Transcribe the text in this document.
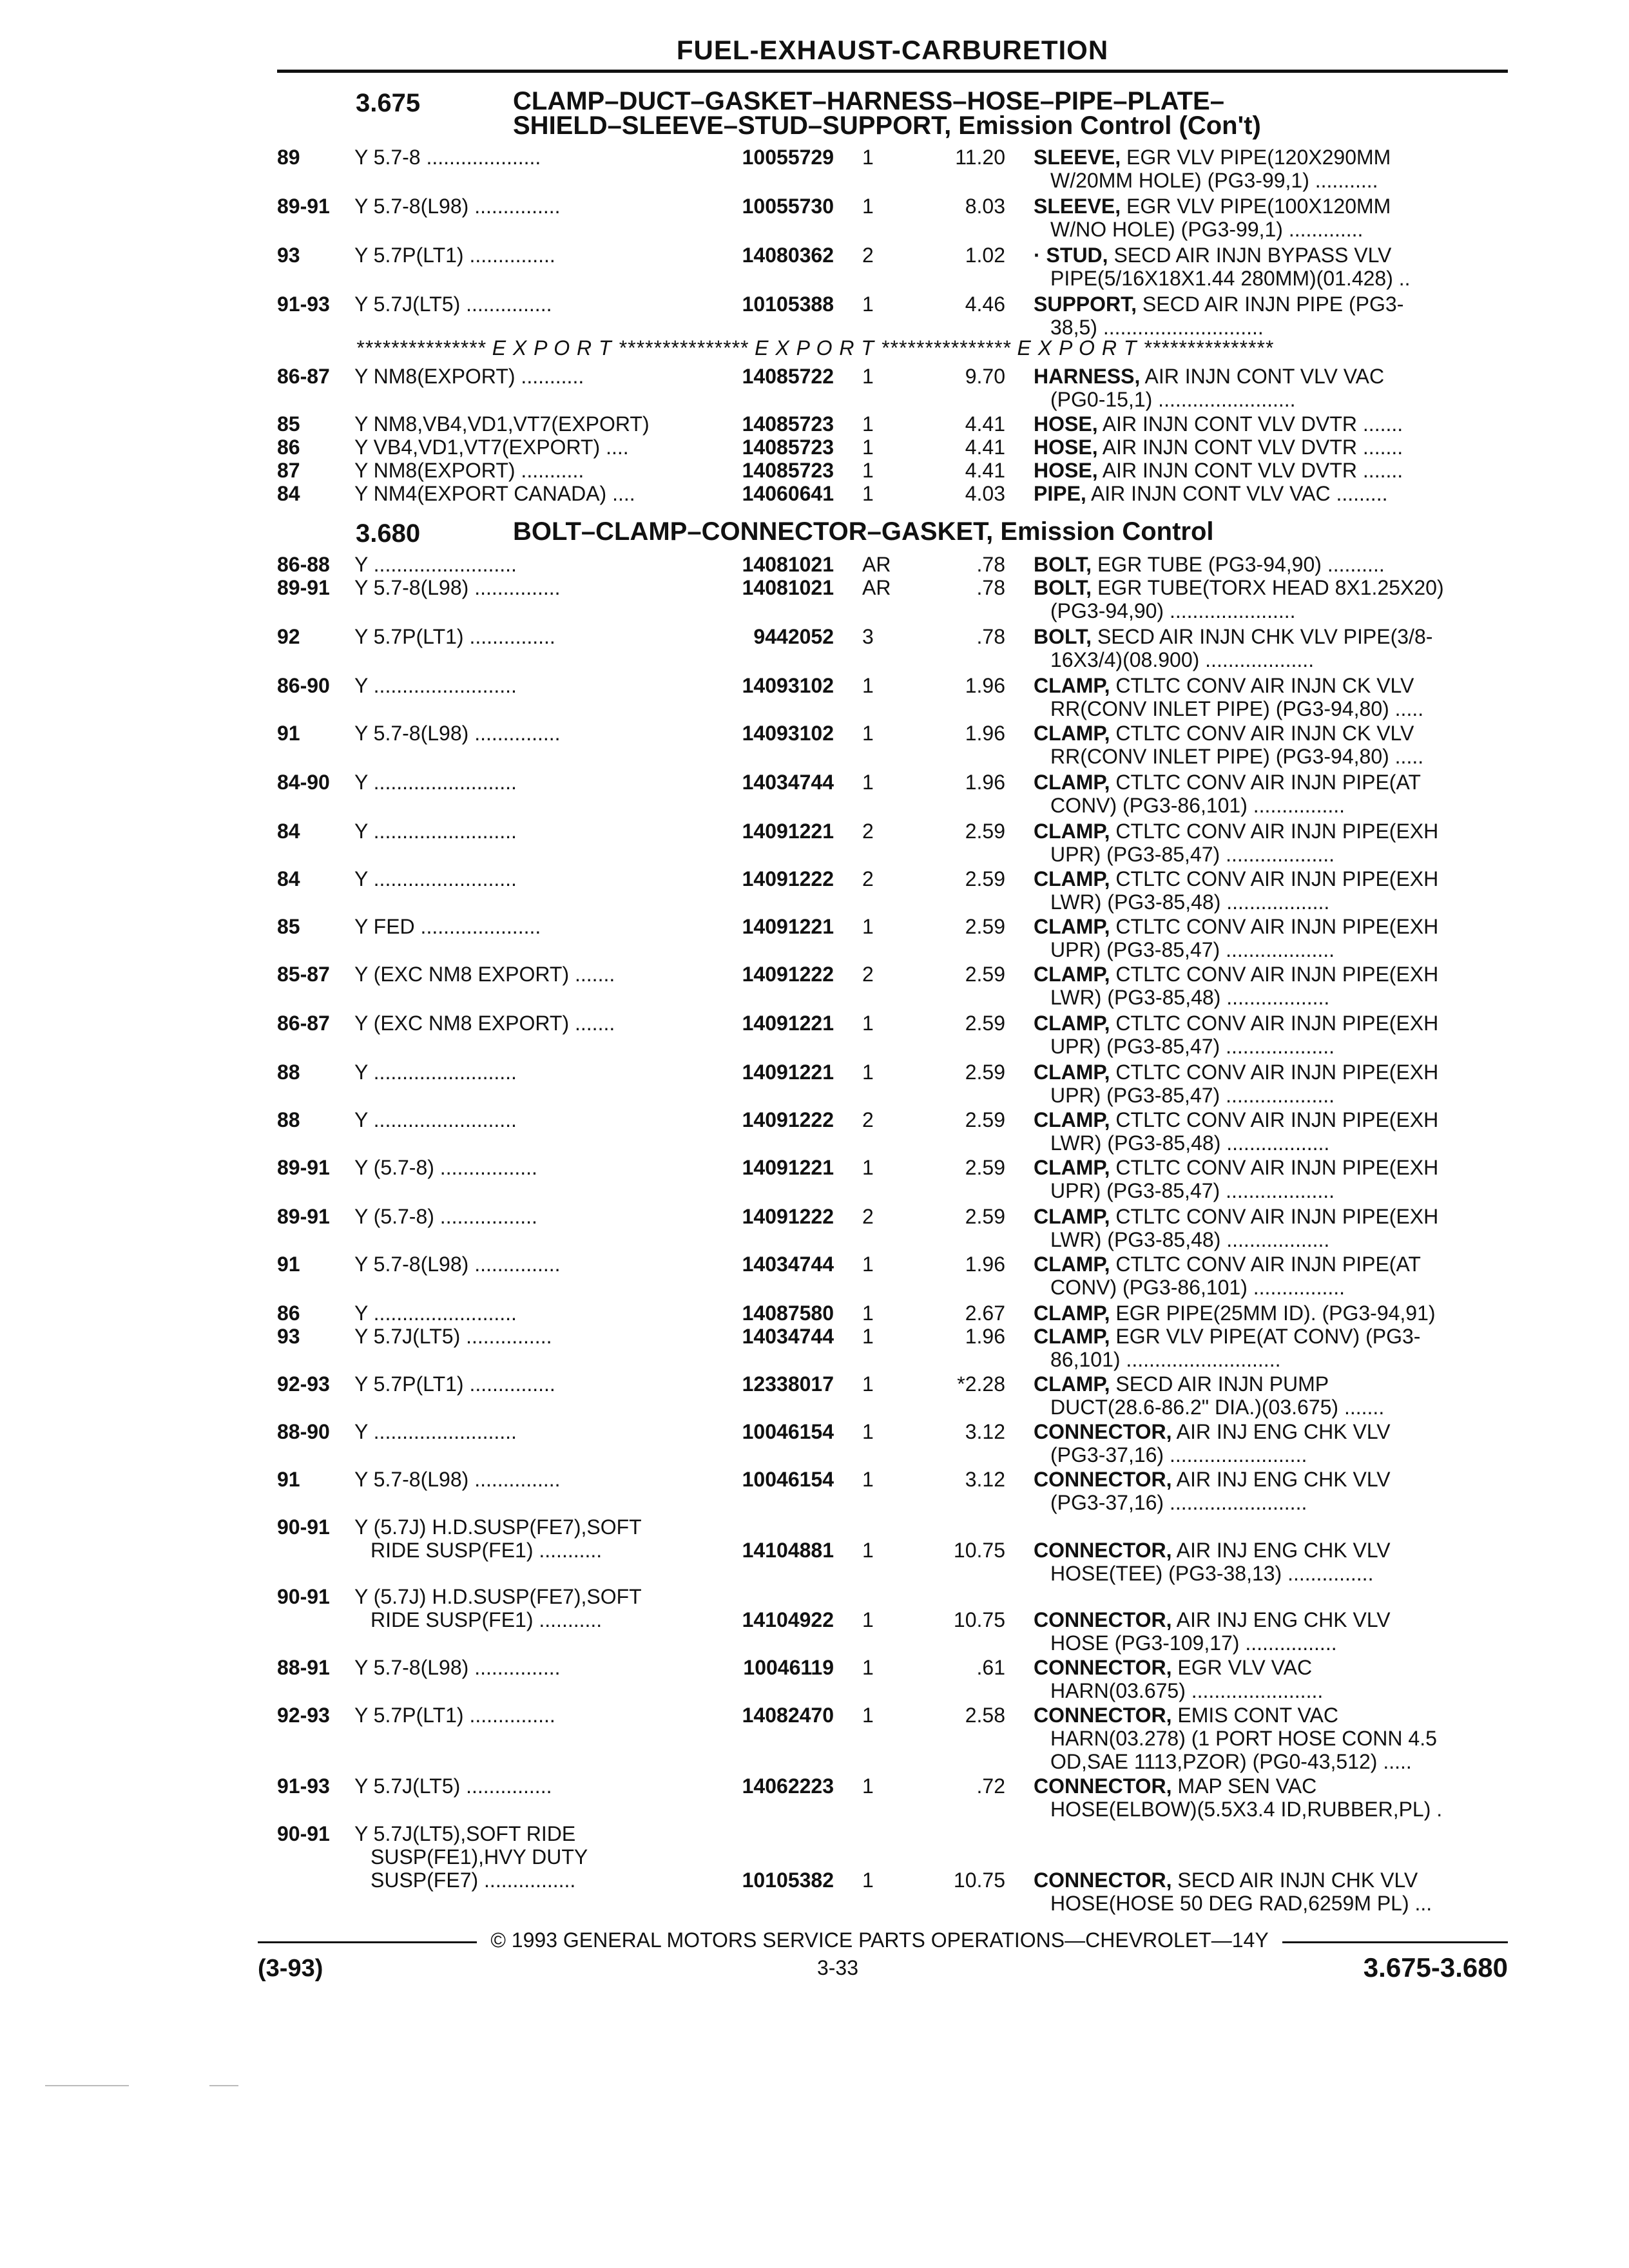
FUEL-EXHAUST-CARBURETION
3.675	CLAMP–DUCT–GASKET–HARNESS–HOSE–PIPE–PLATE–
SHIELD–SLEEVE–STUD–SUPPORT, Emission Control (Con't)
89	Y 5.7-8 ....................	10055729 1	11.20 SLEEVE, EGR VLV PIPE(120X290MM
W/20MM HOLE) (PG3-99,1) ...........
89-91 Y 5.7-8(L98) ...............	10055730 1	8.03 SLEEVE, EGR VLV PIPE(100X120MM
W/NO HOLE) (PG3-99,1) .............
93	Y 5.7P(LT1) ...............	14080362 2	1.02 · STUD, SECD AIR INJN BYPASS VLV
PIPE(5/16X18X1.44 280MM)(01.428) ..
91-93 Y 5.7J(LT5) ...............	10105388 1	4.46 SUPPORT, SECD AIR INJN PIPE (PG3-
38,5) ............................
*************** E X P O R T *************** E X P O R T *************** E X P O R T ***************
86-87 Y NM8(EXPORT) ...........	14085722 1	9.70 HARNESS, AIR INJN CONT VLV VAC
(PG0-15,1) ........................
85	Y NM8,VB4,VD1,VT7(EXPORT)	14085723 1	4.41 HOSE, AIR INJN CONT VLV DVTR .......
86	Y VB4,VD1,VT7(EXPORT) ....	14085723 1	4.41 HOSE, AIR INJN CONT VLV DVTR .......
87	Y NM8(EXPORT) ...........	14085723 1	4.41 HOSE, AIR INJN CONT VLV DVTR .......
84	Y NM4(EXPORT CANADA) ....	14060641 1	4.03 PIPE, AIR INJN CONT VLV VAC .........
3.680	BOLT–CLAMP–CONNECTOR–GASKET, Emission Control
86-88 Y .........................	14081021 AR	.78 BOLT, EGR TUBE (PG3-94,90) ..........
89-91 Y 5.7-8(L98) ...............	14081021 AR	.78 BOLT, EGR TUBE(TORX HEAD 8X1.25X20)
(PG3-94,90) ......................
92	Y 5.7P(LT1) ...............	9442052 3	.78 BOLT, SECD AIR INJN CHK VLV PIPE(3/8-
16X3/4)(08.900) ...................
86-90 Y .........................	14093102 1	1.96 CLAMP, CTLTC CONV AIR INJN CK VLV
RR(CONV INLET PIPE) (PG3-94,80) .....
91	Y 5.7-8(L98) ...............	14093102 1	1.96 CLAMP, CTLTC CONV AIR INJN CK VLV
RR(CONV INLET PIPE) (PG3-94,80) .....
84-90 Y .........................	14034744 1	1.96 CLAMP, CTLTC CONV AIR INJN PIPE(AT
CONV) (PG3-86,101) ................
84	Y .........................	14091221 2	2.59 CLAMP, CTLTC CONV AIR INJN PIPE(EXH
UPR) (PG3-85,47) ...................
84	Y .........................	14091222 2	2.59 CLAMP, CTLTC CONV AIR INJN PIPE(EXH
LWR) (PG3-85,48) ..................
85	Y FED .....................	14091221 1	2.59 CLAMP, CTLTC CONV AIR INJN PIPE(EXH
UPR) (PG3-85,47) ...................
85-87 Y (EXC NM8 EXPORT) .......	14091222 2	2.59 CLAMP, CTLTC CONV AIR INJN PIPE(EXH
LWR) (PG3-85,48) ..................
86-87 Y (EXC NM8 EXPORT) .......	14091221 1	2.59 CLAMP, CTLTC CONV AIR INJN PIPE(EXH
UPR) (PG3-85,47) ...................
88	Y .........................	14091221 1	2.59 CLAMP, CTLTC CONV AIR INJN PIPE(EXH
UPR) (PG3-85,47) ...................
88	Y .........................	14091222 2	2.59 CLAMP, CTLTC CONV AIR INJN PIPE(EXH
LWR) (PG3-85,48) ..................
89-91 Y (5.7-8) .................	14091221 1	2.59 CLAMP, CTLTC CONV AIR INJN PIPE(EXH
UPR) (PG3-85,47) ...................
89-91 Y (5.7-8) .................	14091222 2	2.59 CLAMP, CTLTC CONV AIR INJN PIPE(EXH
LWR) (PG3-85,48) ..................
91	Y 5.7-8(L98) ...............	14034744 1	1.96 CLAMP, CTLTC CONV AIR INJN PIPE(AT
CONV) (PG3-86,101) ................
86	Y .........................	14087580 1	2.67 CLAMP, EGR PIPE(25MM ID). (PG3-94,91)
93	Y 5.7J(LT5) ...............	14034744 1	1.96 CLAMP, EGR VLV PIPE(AT CONV) (PG3-
86,101) ...........................
92-93 Y 5.7P(LT1) ...............	12338017 1	*2.28 CLAMP, SECD AIR INJN PUMP
DUCT(28.6-86.2" DIA.)(03.675) .......
88-90 Y .........................	10046154 1	3.12 CONNECTOR, AIR INJ ENG CHK VLV
(PG3-37,16) ........................
91	Y 5.7-8(L98) ...............	10046154 1	3.12 CONNECTOR, AIR INJ ENG CHK VLV
(PG3-37,16) ........................
90-91 Y (5.7J) H.D.SUSP(FE7),SOFT
RIDE SUSP(FE1) ...........	14104881 1	10.75 CONNECTOR, AIR INJ ENG CHK VLV
HOSE(TEE) (PG3-38,13) ...............
90-91 Y (5.7J) H.D.SUSP(FE7),SOFT
RIDE SUSP(FE1) ...........	14104922 1	10.75 CONNECTOR, AIR INJ ENG CHK VLV
HOSE (PG3-109,17) ................
88-91 Y 5.7-8(L98) ...............	10046119 1	.61 CONNECTOR, EGR VLV VAC
HARN(03.675) .......................
92-93 Y 5.7P(LT1) ...............	14082470 1	2.58 CONNECTOR, EMIS CONT VAC
HARN(03.278) (1 PORT HOSE CONN 4.5
OD,SAE 1113,PZOR) (PG0-43,512) .....
91-93 Y 5.7J(LT5) ...............	14062223 1	.72 CONNECTOR, MAP SEN VAC
HOSE(ELBOW)(5.5X3.4 ID,RUBBER,PL) .
90-91 Y 5.7J(LT5),SOFT RIDE
SUSP(FE1),HVY DUTY
SUSP(FE7) ................	10105382 1	10.75 CONNECTOR, SECD AIR INJN CHK VLV
HOSE(HOSE 50 DEG RAD,6259M PL) ...
© 1993 GENERAL MOTORS SERVICE PARTS OPERATIONS—CHEVROLET—14Y
(3-93)	3-33	3.675-3.680
